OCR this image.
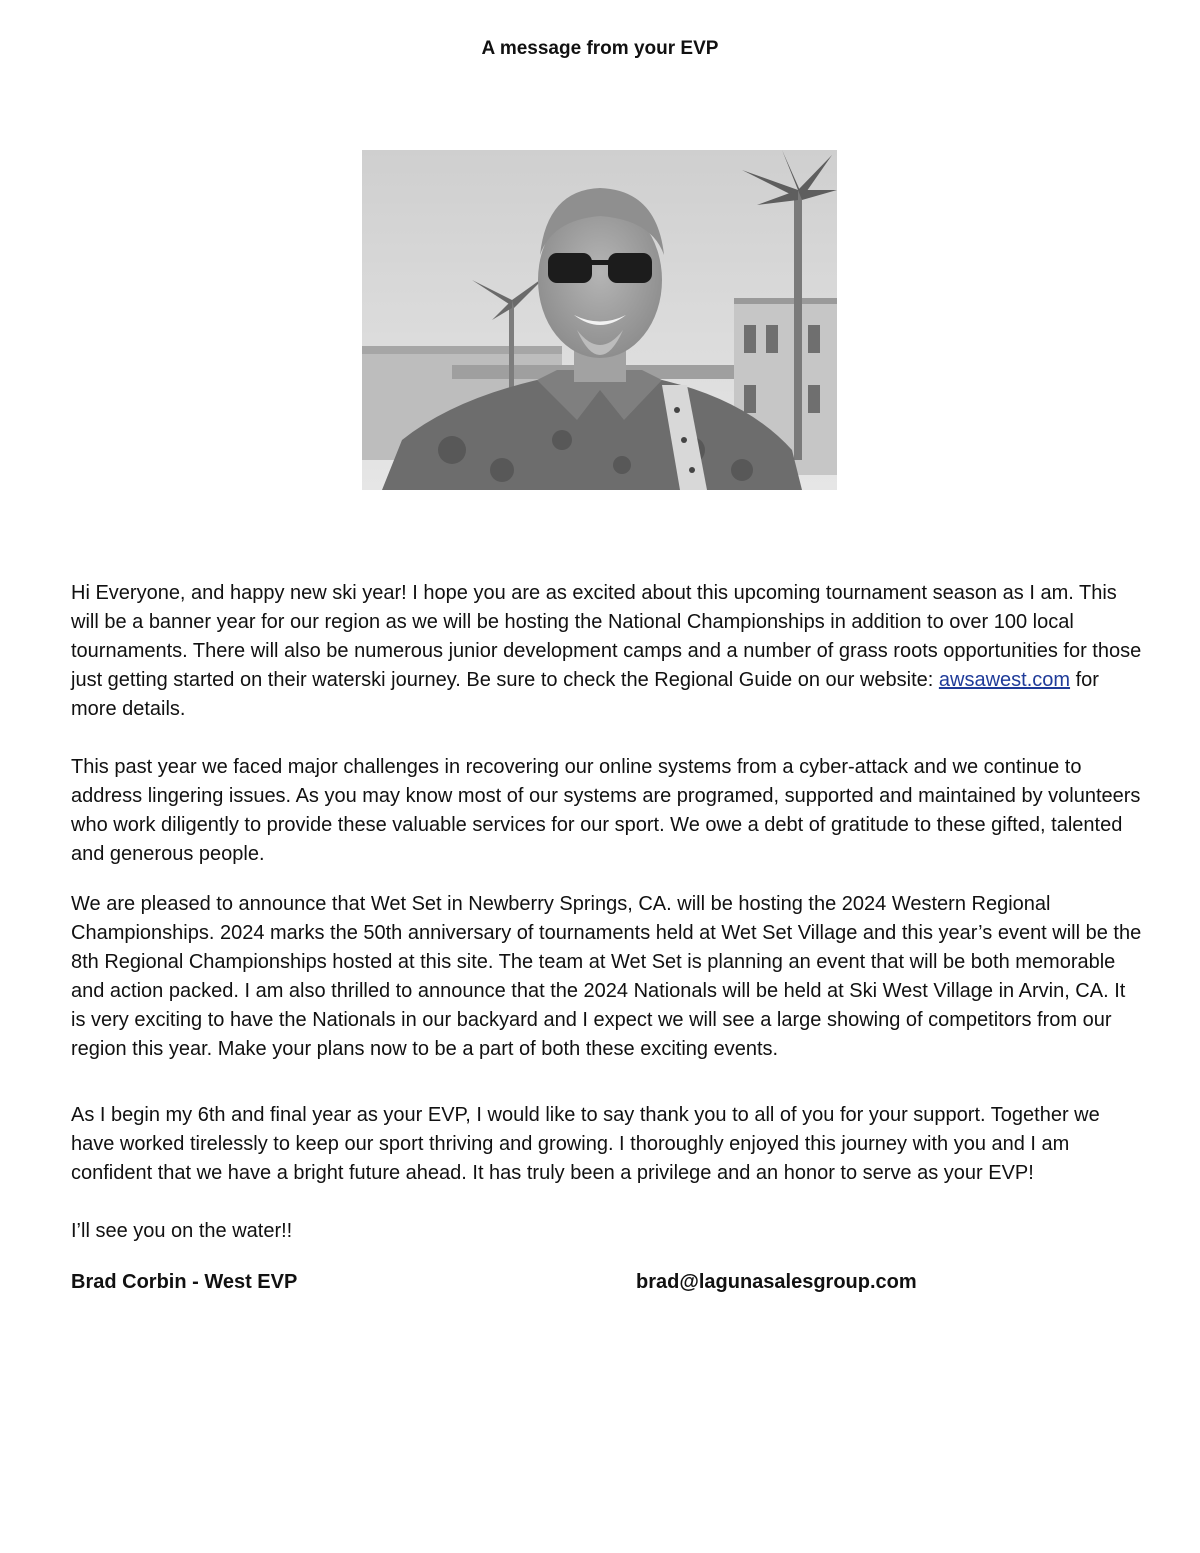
A message from your EVP

Hi Everyone, and happy new ski year! I hope you are as excited about this upcoming tournament season as I am. This will be a banner year for our region as we will be hosting the National Championships in addition to over 100 local tournaments. There will also be numerous junior development camps and a number of grass roots opportunities for those just getting started on their waterski journey. Be sure to check the Regional Guide on our website: awsawest.com for more details.

This past year we faced major challenges in recovering our online systems from a cyber-attack and we continue to address lingering issues. As you may know most of our systems are programed, supported and maintained by volunteers who work diligently to provide these valuable services for our sport. We owe a debt of gratitude to these gifted, talented and generous people.

We are pleased to announce that Wet Set in Newberry Springs, CA. will be hosting the 2024 Western Regional Championships. 2024 marks the 50th anniversary of tournaments held at Wet Set Village and this year’s event will be the 8th Regional Championships hosted at this site. The team at Wet Set is planning an event that will be both memorable and action packed. I am also thrilled to announce that the 2024 Nationals will be held at Ski West Village in Arvin, CA. It is very exciting to have the Nationals in our backyard and I expect we will see a large showing of competitors from our region this year. Make your plans now to be a part of both these exciting events.

As I begin my 6th and final year as your EVP, I would like to say thank you to all of you for your support. Together we have worked tirelessly to keep our sport thriving and growing. I thoroughly enjoyed this journey with you and I am confident that we have a bright future ahead. It has truly been a privilege and an honor to serve as your EVP!

I’ll see you on the water!!

Brad Corbin - West EVP	brad@lagunasalesgroup.com
